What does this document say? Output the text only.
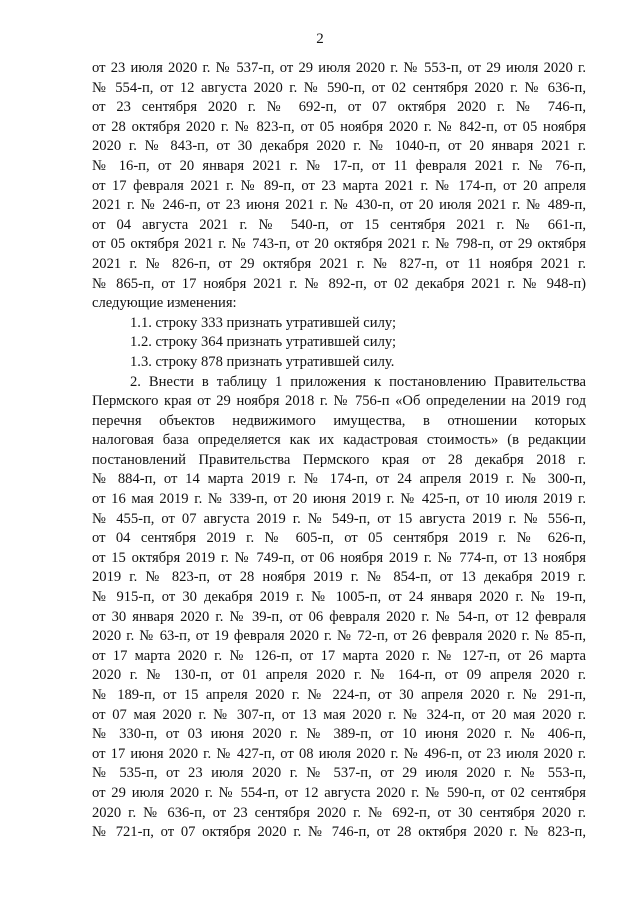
2
от 23 июля 2020 г. № 537-п, от 29 июля 2020 г. № 553-п, от 29 июля 2020 г.
№ 554-п, от 12 августа 2020 г. № 590-п, от 02 сентября 2020 г. № 636-п,
от 23 сентября 2020 г. № 692-п, от 07 октября 2020 г. № 746-п,
от 28 октября 2020 г. № 823-п, от 05 ноября 2020 г. № 842-п, от 05 ноября
2020 г. № 843-п, от 30 декабря 2020 г. № 1040-п, от 20 января 2021 г.
№ 16-п, от 20 января 2021 г. № 17-п, от 11 февраля 2021 г. № 76-п,
от 17 февраля 2021 г. № 89-п, от 23 марта 2021 г. № 174-п, от 20 апреля
2021 г. № 246-п, от 23 июня 2021 г. № 430-п, от 20 июля 2021 г. № 489-п,
от 04 августа 2021 г. № 540-п, от 15 сентября 2021 г. № 661-п,
от 05 октября 2021 г. № 743-п, от 20 октября 2021 г. № 798-п, от 29 октября
2021 г. № 826-п, от 29 октября 2021 г. № 827-п, от 11 ноября 2021 г.
№ 865-п, от 17 ноября 2021 г. № 892-п, от 02 декабря 2021 г. № 948-п)
следующие изменения:
1.1. строку 333 признать утратившей силу;
1.2. строку 364 признать утратившей силу;
1.3. строку 878 признать утратившей силу.
2. Внести в таблицу 1 приложения к постановлению Правительства
Пермского края от 29 ноября 2018 г. № 756-п «Об определении на 2019 год
перечня объектов недвижимого имущества, в отношении которых
налоговая база определяется как их кадастровая стоимость» (в редакции
постановлений Правительства Пермского края от 28 декабря 2018 г.
№ 884-п, от 14 марта 2019 г. № 174-п, от 24 апреля 2019 г. № 300-п,
от 16 мая 2019 г. № 339-п, от 20 июня 2019 г. № 425-п, от 10 июля 2019 г.
№ 455-п, от 07 августа 2019 г. № 549-п, от 15 августа 2019 г. № 556-п,
от 04 сентября 2019 г. № 605-п, от 05 сентября 2019 г. № 626-п,
от 15 октября 2019 г. № 749-п, от 06 ноября 2019 г. № 774-п, от 13 ноября
2019 г. № 823-п, от 28 ноября 2019 г. № 854-п, от 13 декабря 2019 г.
№ 915-п, от 30 декабря 2019 г. № 1005-п, от 24 января 2020 г. № 19-п,
от 30 января 2020 г. № 39-п, от 06 февраля 2020 г. № 54-п, от 12 февраля
2020 г. № 63-п, от 19 февраля 2020 г. № 72-п, от 26 февраля 2020 г. № 85-п,
от 17 марта 2020 г. № 126-п, от 17 марта 2020 г. № 127-п, от 26 марта
2020 г. № 130-п, от 01 апреля 2020 г. № 164-п, от 09 апреля 2020 г.
№ 189-п, от 15 апреля 2020 г. № 224-п, от 30 апреля 2020 г. № 291-п,
от 07 мая 2020 г. № 307-п, от 13 мая 2020 г. № 324-п, от 20 мая 2020 г.
№ 330-п, от 03 июня 2020 г. № 389-п, от 10 июня 2020 г. № 406-п,
от 17 июня 2020 г. № 427-п, от 08 июля 2020 г. № 496-п, от 23 июля 2020 г.
№ 535-п, от 23 июля 2020 г. № 537-п, от 29 июля 2020 г. № 553-п,
от 29 июля 2020 г. № 554-п, от 12 августа 2020 г. № 590-п, от 02 сентября
2020 г. № 636-п, от 23 сентября 2020 г. № 692-п, от 30 сентября 2020 г.
№ 721-п, от 07 октября 2020 г. № 746-п, от 28 октября 2020 г. № 823-п,
